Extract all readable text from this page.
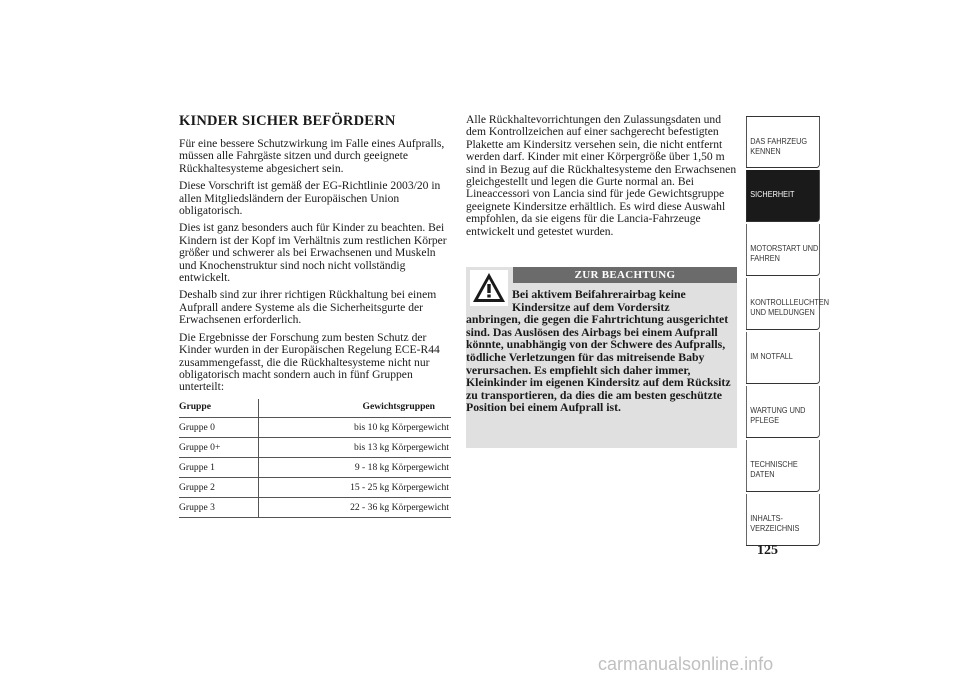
KINDER SICHER BEFÖRDERN

Für eine bessere Schutzwirkung im Falle eines Aufpralls, müssen alle Fahrgäste sitzen und durch geeignete Rückhaltesysteme abgesichert sein.

Diese Vorschrift ist gemäß der EG-Richtlinie 2003/20 in allen Mitgliedsländern der Europäischen Union obligatorisch.

Dies ist ganz besonders auch für Kinder zu beachten. Bei Kindern ist der Kopf im Verhältnis zum restlichen Körper größer und schwerer als bei Erwachsenen und Muskeln und Knochenstruktur sind noch nicht vollständig entwickelt.

Deshalb sind zur ihrer richtigen Rückhaltung bei einem Aufprall andere Systeme als die Sicherheitsgurte der Erwachsenen erforderlich.

Die Ergebnisse der Forschung zum besten Schutz der Kinder wurden in der Europäischen Regelung ECE-R44 zusammengefasst, die die Rückhaltesysteme nicht nur obligatorisch macht sondern auch in fünf Gruppen unterteilt:

Gruppe		Gewichtsgruppen
Gruppe 0		bis 10 kg Körpergewicht
Gruppe 0+		bis 13 kg Körpergewicht
Gruppe 1		9 - 18 kg Körpergewicht
Gruppe 2		15 - 25 kg Körpergewicht
Gruppe 3		22 - 36 kg Körpergewicht

Alle Rückhaltevorrichtungen den Zulassungsdaten und dem Kontrollzeichen auf einer sachgerecht befestigten Plakette am Kindersitz versehen sein, die nicht entfernt werden darf. Kinder mit einer Körpergröße über 1,50 m sind in Bezug auf die Rückhaltesysteme den Erwachsenen gleichgestellt und legen die Gurte normal an. Bei Lineaccessori von Lancia sind für jede Gewichtsgruppe geeignete Kindersitze erhältlich. Es wird diese Auswahl empfohlen, da sie eigens für die Lancia-Fahrzeuge entwickelt und getestet wurden.

ZUR BEACHTUNG
Bei aktivem Beifahrerairbag keine Kindersitze auf dem Vordersitz
anbringen, die gegen die Fahrtrichtung ausgerichtet sind. Das Auslösen des Airbags bei einem Aufprall könnte, unabhängig von der Schwere des Aufpralls, tödliche Verletzungen für das mitreisende Baby verursachen. Es empfiehlt sich daher immer, Kleinkinder im eigenen Kindersitz auf dem Rücksitz zu transportieren, da dies die am besten geschützte Position bei einem Aufprall ist.
DAS FAHRZEUG KENNEN
SICHERHEIT
MOTORSTART UND FAHREN
KONTROLLLEUCHTEN UND MELDUNGEN
IM NOTFALL
WARTUNG UND PFLEGE
TECHNISCHE DATEN
INHALTS-VERZEICHNIS
125
carmanualsonline.info
